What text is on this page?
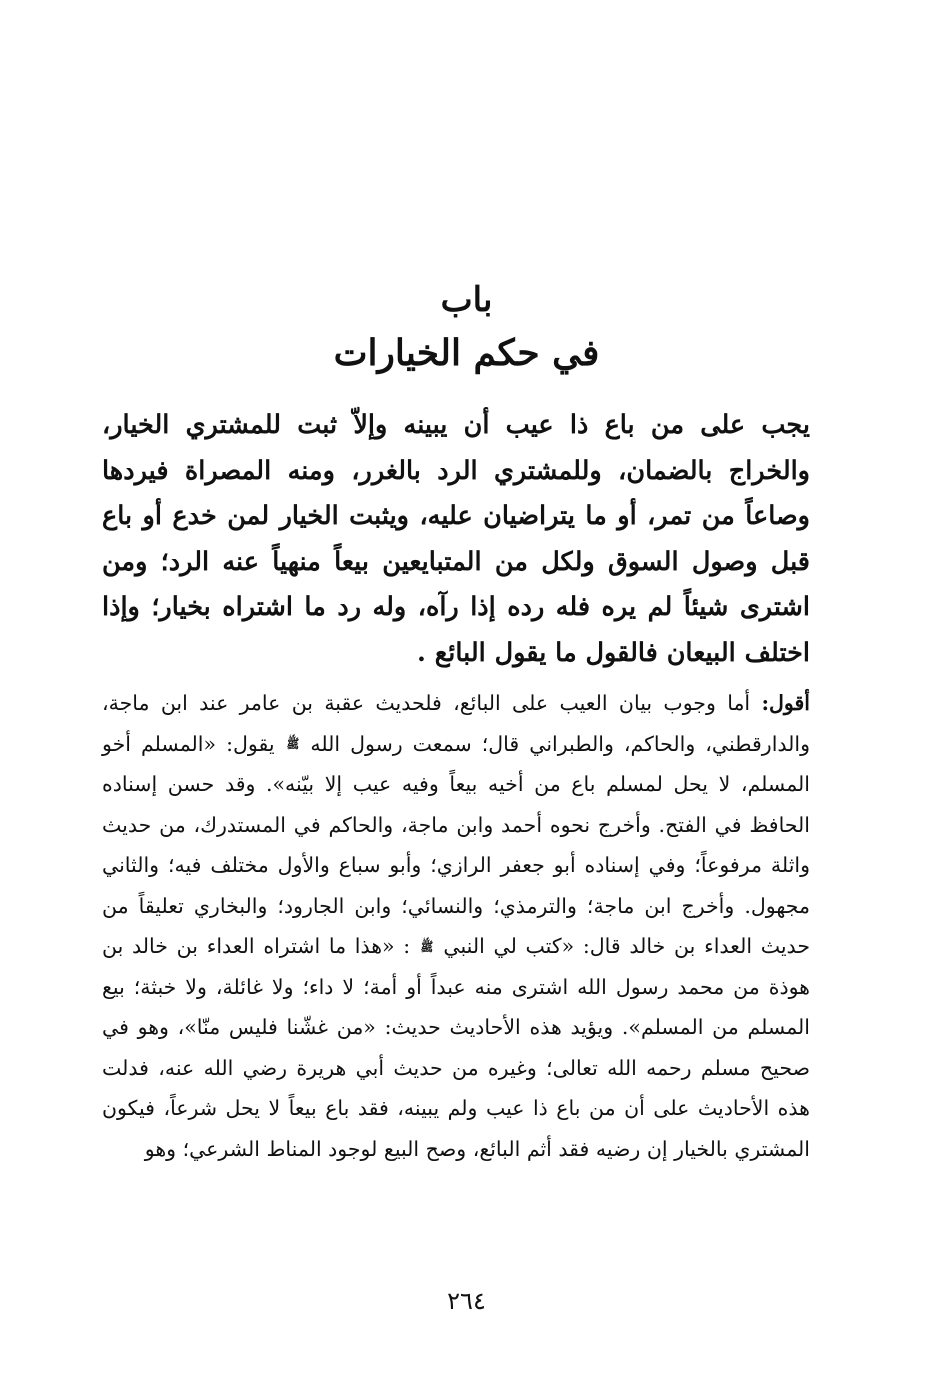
باب
في حكم الخيارات
يجب على من باع ذا عيب أن يبينه وإلاّ ثبت للمشتري الخيار، والخراج بالضمان، وللمشتري الرد بالغرر، ومنه المصراة فيردها وصاعاً من تمر، أو ما يتراضيان عليه، ويثبت الخيار لمن خدع أو باع قبل وصول السوق ولكل من المتبايعين بيعاً منهياً عنه الرد؛ ومن اشترى شيئاً لم يره فله رده إذا رآه، وله رد ما اشتراه بخيار؛ وإذا اختلف البيعان فالقول ما يقول البائع .
أقول: أما وجوب بيان العيب على البائع، فلحديث عقبة بن عامر عند ابن ماجة، والدارقطني، والحاكم، والطبراني قال؛ سمعت رسول الله ﷺ يقول: «المسلم أخو المسلم، لا يحل لمسلم باع من أخيه بيعاً وفيه عيب إلا بيّنه». وقد حسن إسناده الحافظ في الفتح. وأخرج نحوه أحمد وابن ماجة، والحاكم في المستدرك، من حديث واثلة مرفوعاً؛ وفي إسناده أبو جعفر الرازي؛ وأبو سباع والأول مختلف فيه؛ والثاني مجهول. وأخرج ابن ماجة؛ والترمذي؛ والنسائي؛ وابن الجارود؛ والبخاري تعليقاً من حديث العداء بن خالد قال: «كتب لي النبي ﷺ : «هذا ما اشتراه العداء بن خالد بن هوذة من محمد رسول الله اشترى منه عبداً أو أمة؛ لا داء؛ ولا غائلة، ولا خبثة؛ بيع المسلم من المسلم». ويؤيد هذه الأحاديث حديث: «من غشّنا فليس منّا»، وهو في صحيح مسلم رحمه الله تعالى؛ وغيره من حديث أبي هريرة رضي الله عنه، فدلت هذه الأحاديث على أن من باع ذا عيب ولم يبينه، فقد باع بيعاً لا يحل شرعاً، فيكون المشتري بالخيار إن رضيه فقد أثم البائع، وصح البيع لوجود المناط الشرعي؛ وهو
٢٦٤
